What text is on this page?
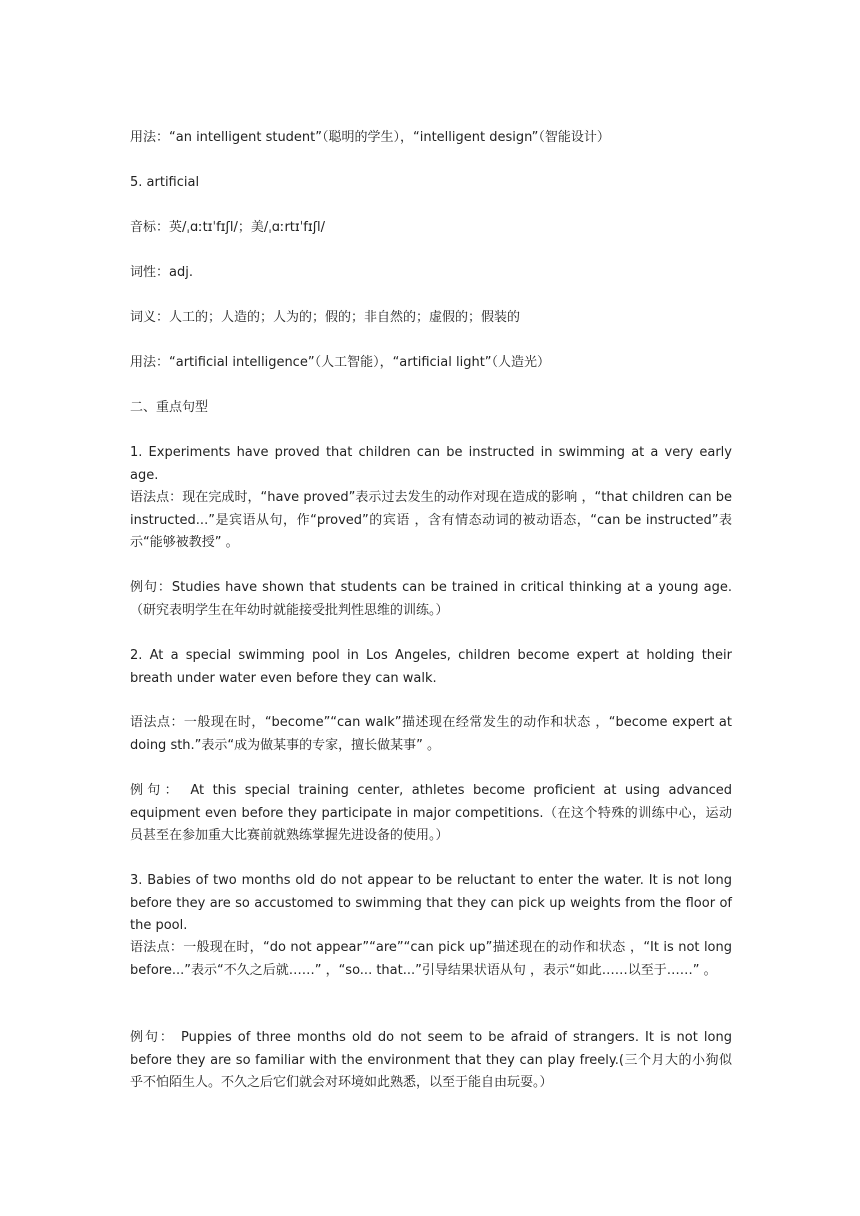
用法：“an intelligent student”（聪明的学生），“intelligent design”（智能设计）

5. artificial

音标：英/ˌɑːtɪˈfɪʃl/；美/ˌɑːrtɪˈfɪʃl/

词性：adj.

词义：人工的；人造的；人为的；假的；非自然的；虚假的；假装的

用法：“artificial intelligence”（人工智能），“artificial light”（人造光）

二、重点句型

1. Experiments have proved that children can be instructed in swimming at a very early age.

语法点：现在完成时，“have proved”表示过去发生的动作对现在造成的影响 ，“that children can be instructed...”是宾语从句，作“proved”的宾语 ，含有情态动词的被动语态，“can be instructed”表示“能够被教授” 。

例句：Studies have shown that students can be trained in critical thinking at a young age.（研究表明学生在年幼时就能接受批判性思维的训练。）

2. At a special swimming pool in Los Angeles, children become expert at holding their breath under water even before they can walk.

语法点：一般现在时，“become”“can walk”描述现在经常发生的动作和状态 ，“become expert at doing sth.”表示“成为做某事的专家，擅长做某事” 。

例句： At this special training center, athletes become proficient at using advanced equipment even before they participate in major competitions.（在这个特殊的训练中心，运动员甚至在参加重大比赛前就熟练掌握先进设备的使用。）

3. Babies of two months old do not appear to be reluctant to enter the water. It is not long before they are so accustomed to swimming that they can pick up weights from the floor of the pool.

语法点：一般现在时，“do not appear”“are”“can pick up”描述现在的动作和状态 ，“It is not long before...”表示“不久之后就……” ，“so... that...”引导结果状语从句 ，表示“如此……以至于……” 。

例句： Puppies of three months old do not seem to be afraid of strangers. It is not long before they are so familiar with the environment that they can play freely.(三个月大的小狗似乎不怕陌生人。不久之后它们就会对环境如此熟悉，以至于能自由玩耍。）
